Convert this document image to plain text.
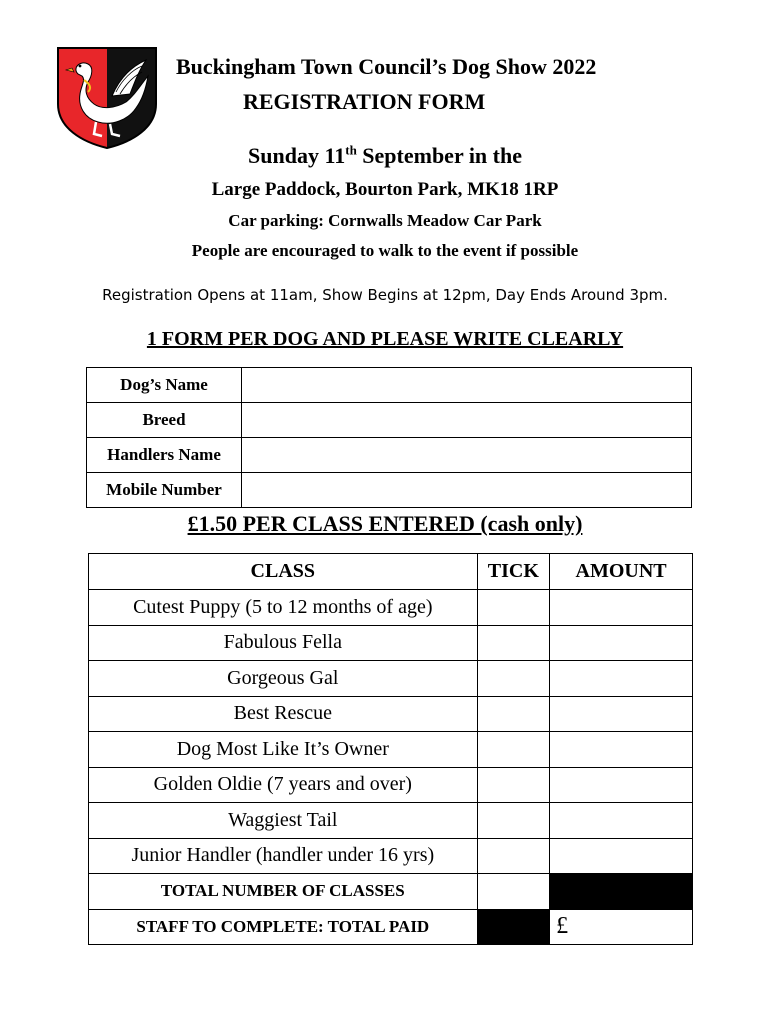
Buckingham Town Council’s Dog Show 2022
REGISTRATION FORM
Sunday 11th September in the
Large Paddock, Bourton Park, MK18 1RP
Car parking: Cornwalls Meadow Car Park
People are encouraged to walk to the event if possible
Registration Opens at 11am, Show Begins at 12pm, Day Ends Around 3pm.
1 FORM PER DOG AND PLEASE WRITE CLEARLY
Dog’s Name	
Breed	
Handlers Name	
Mobile Number	
£1.50 PER CLASS ENTERED (cash only)
CLASS	TICK	AMOUNT
Cutest Puppy (5 to 12 months of age)		
Fabulous Fella		
Gorgeous Gal		
Best Rescue		
Dog Most Like It’s Owner		
Golden Oldie (7 years and over)		
Waggiest Tail		
Junior Handler (handler under 16 yrs)		
TOTAL NUMBER OF CLASSES		
STAFF TO COMPLETE: TOTAL PAID		£
